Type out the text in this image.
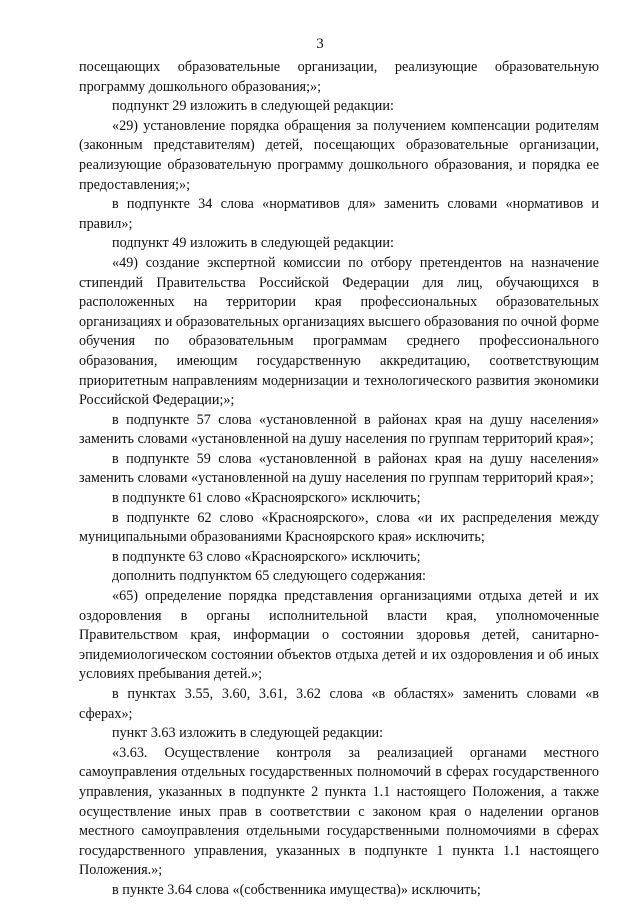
3

посещающих образовательные организации, реализующие образовательную программу дошкольного образования;»;

подпункт 29 изложить в следующей редакции:

«29) установление порядка обращения за получением компенсации родителям (законным представителям) детей, посещающих образовательные организации, реализующие образовательную программу дошкольного образования, и порядка ее предоставления;»;

в подпункте 34 слова «нормативов для» заменить словами «нормативов и правил»;

подпункт 49 изложить в следующей редакции:

«49) создание экспертной комиссии по отбору претендентов на назначение стипендий Правительства Российской Федерации для лиц, обучающихся в расположенных на территории края профессиональных образовательных организациях и образовательных организациях высшего образования по очной форме обучения по образовательным программам среднего профессионального образования, имеющим государственную аккредитацию, соответствующим приоритетным направлениям модернизации и технологического развития экономики Российской Федерации;»;

в подпункте 57 слова «установленной в районах края на душу населения» заменить словами «установленной на душу населения по группам территорий края»;

в подпункте 59 слова «установленной в районах края на душу населения» заменить словами «установленной на душу населения по группам территорий края»;

в подпункте 61 слово «Красноярского» исключить;

в подпункте 62 слово «Красноярского», слова «и их распределения между муниципальными образованиями Красноярского края» исключить;

в подпункте 63 слово «Красноярского» исключить;

дополнить подпунктом 65 следующего содержания:

«65) определение порядка представления организациями отдыха детей и их оздоровления в органы исполнительной власти края, уполномоченные Правительством края, информации о состоянии здоровья детей, санитарно-эпидемиологическом состоянии объектов отдыха детей и их оздоровления и об иных условиях пребывания детей.»;

в пунктах 3.55, 3.60, 3.61, 3.62 слова «в областях» заменить словами «в сферах»;

пункт 3.63 изложить в следующей редакции:

«3.63. Осуществление контроля за реализацией органами местного самоуправления отдельных государственных полномочий в сферах государственного управления, указанных в подпункте 2 пункта 1.1 настоящего Положения, а также осуществление иных прав в соответствии с законом края о наделении органов местного самоуправления отдельными государственными полномочиями в сферах государственного управления, указанных в подпункте 1 пункта 1.1 настоящего Положения.»;

в пункте 3.64 слова «(собственника имущества)» исключить;
